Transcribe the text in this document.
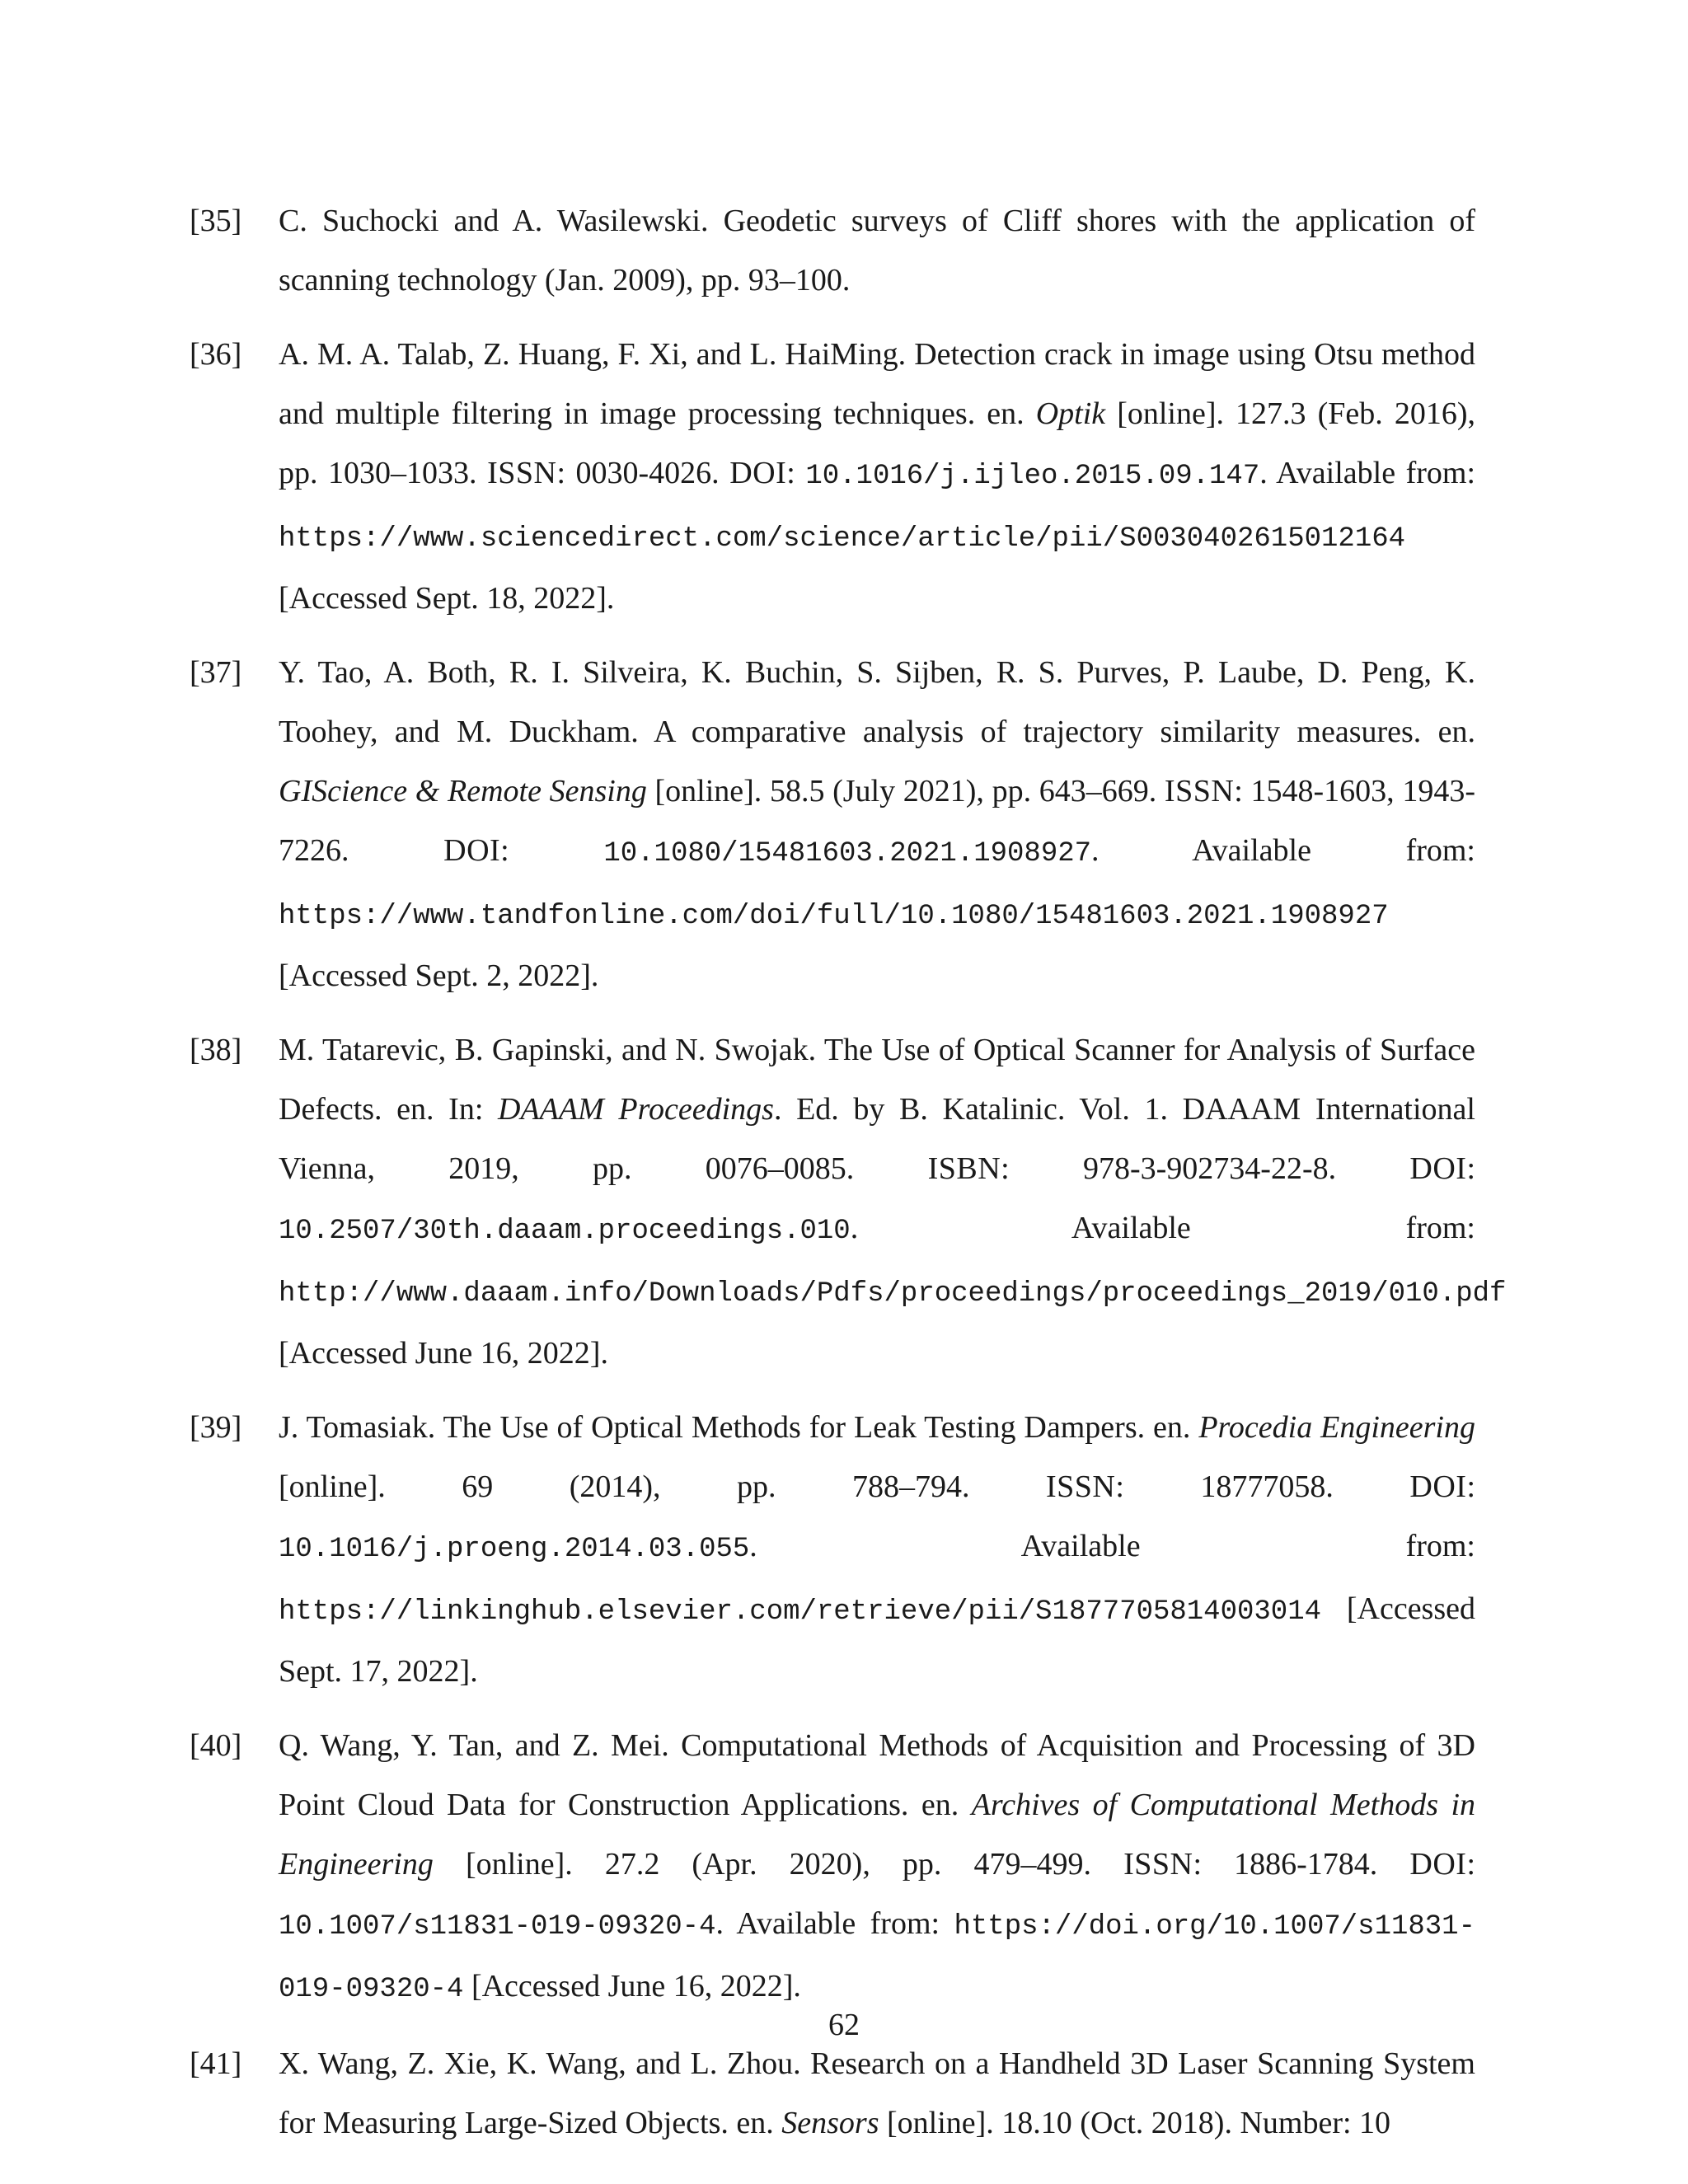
[35] C. Suchocki and A. Wasilewski. Geodetic surveys of Cliff shores with the application of scanning technology (Jan. 2009), pp. 93–100.
[36] A. M. A. Talab, Z. Huang, F. Xi, and L. HaiMing. Detection crack in image using Otsu method and multiple filtering in image processing techniques. en. Optik [online]. 127.3 (Feb. 2016), pp. 1030–1033. ISSN: 0030-4026. DOI: 10.1016/j.ijleo.2015.09.147. Available from: https://www.sciencedirect.com/science/article/pii/S0030402615012164 [Accessed Sept. 18, 2022].
[37] Y. Tao, A. Both, R. I. Silveira, K. Buchin, S. Sijben, R. S. Purves, P. Laube, D. Peng, K. Toohey, and M. Duckham. A comparative analysis of trajectory similarity measures. en. GIScience & Remote Sensing [online]. 58.5 (July 2021), pp. 643–669. ISSN: 1548-1603, 1943-7226. DOI: 10.1080/15481603.2021.1908927. Available from: https://www.tandfonline.com/doi/full/10.1080/15481603.2021.1908927 [Accessed Sept. 2, 2022].
[38] M. Tatarevic, B. Gapinski, and N. Swojak. The Use of Optical Scanner for Analysis of Surface Defects. en. In: DAAAM Proceedings. Ed. by B. Katalinic. Vol. 1. DAAAM International Vienna, 2019, pp. 0076–0085. ISBN: 978-3-902734-22-8. DOI: 10.2507/30th.daaam.proceedings.010. Available from: http://www.daaam.info/Downloads/Pdfs/proceedings/proceedings_2019/010.pdf [Accessed June 16, 2022].
[39] J. Tomasiak. The Use of Optical Methods for Leak Testing Dampers. en. Procedia Engineering [online]. 69 (2014), pp. 788–794. ISSN: 18777058. DOI: 10.1016/j.proeng.2014.03.055. Available from: https://linkinghub.elsevier.com/retrieve/pii/S1877705814003014 [Accessed Sept. 17, 2022].
[40] Q. Wang, Y. Tan, and Z. Mei. Computational Methods of Acquisition and Processing of 3D Point Cloud Data for Construction Applications. en. Archives of Computational Methods in Engineering [online]. 27.2 (Apr. 2020), pp. 479–499. ISSN: 1886-1784. DOI: 10.1007/s11831-019-09320-4. Available from: https://doi.org/10.1007/s11831-019-09320-4 [Accessed June 16, 2022].
[41] X. Wang, Z. Xie, K. Wang, and L. Zhou. Research on a Handheld 3D Laser Scanning System for Measuring Large-Sized Objects. en. Sensors [online]. 18.10 (Oct. 2018). Number: 10
62
